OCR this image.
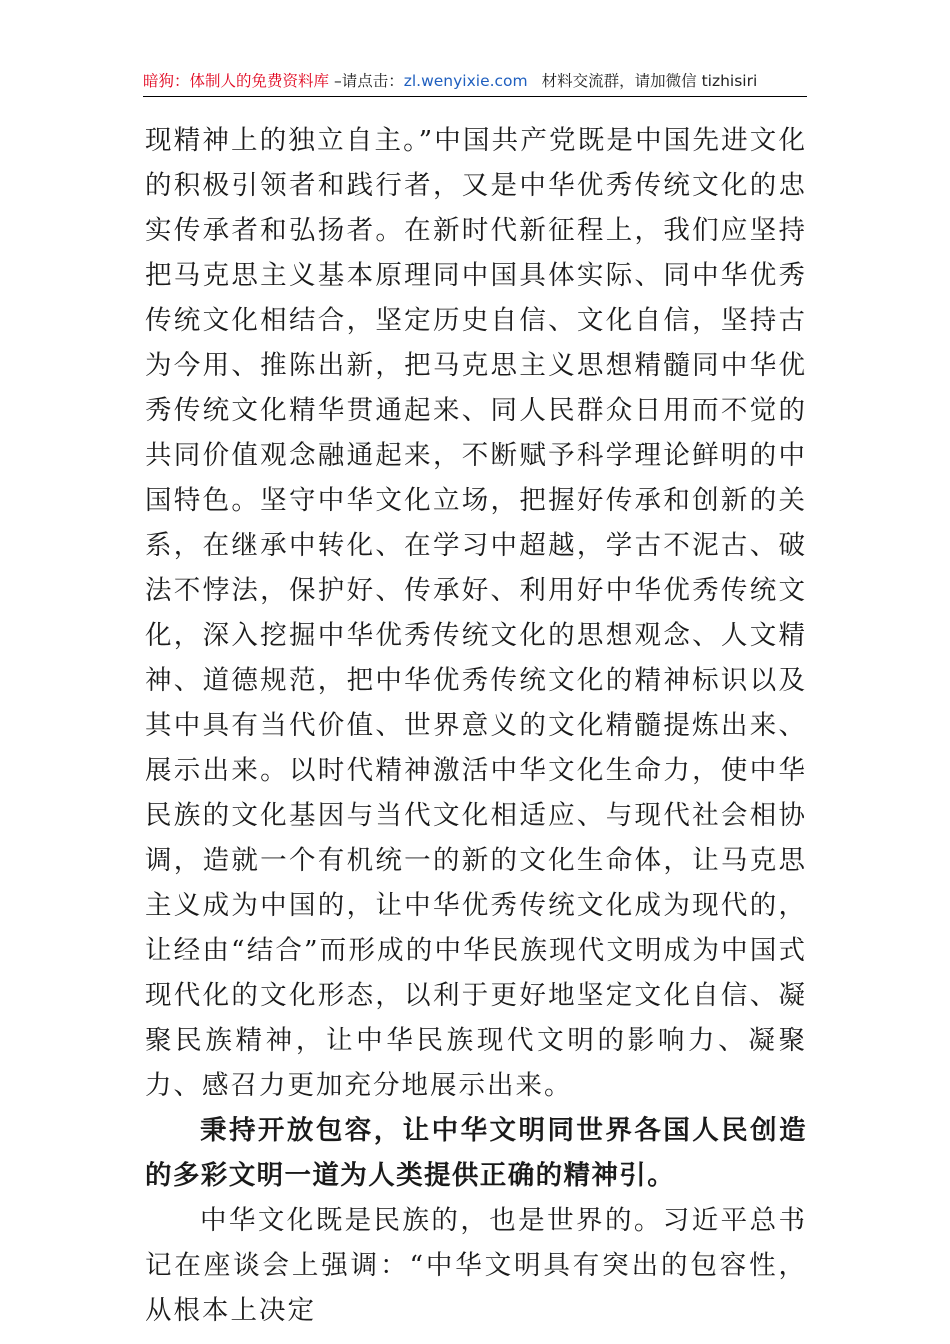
暗狗：体制人的免费资料库 –请点击：zl.wenyixie.com 材料交流群，请加微信 tizhisiri

现精神上的独立自主。”中国共产党既是中国先进文化的积极引领者和践行者，又是中华优秀传统文化的忠实传承者和弘扬者。在新时代新征程上，我们应坚持把马克思主义基本原理同中国具体实际、同中华优秀传统文化相结合，坚定历史自信、文化自信，坚持古为今用、推陈出新，把马克思主义思想精髓同中华优秀传统文化精华贯通起来、同人民群众日用而不觉的共同价值观念融通起来，不断赋予科学理论鲜明的中国特色。坚守中华文化立场，把握好传承和创新的关系，在继承中转化、在学习中超越，学古不泥古、破法不悖法，保护好、传承好、利用好中华优秀传统文化，深入挖掘中华优秀传统文化的思想观念、人文精神、道德规范，把中华优秀传统文化的精神标识以及其中具有当代价值、世界意义的文化精髓提炼出来、展示出来。以时代精神激活中华文化生命力，使中华民族的文化基因与当代文化相适应、与现代社会相协调，造就一个有机统一的新的文化生命体，让马克思主义成为中国的，让中华优秀传统文化成为现代的，让经由“结合”而形成的中华民族现代文明成为中国式现代化的文化形态，以利于更好地坚定文化自信、凝聚民族精神，让中华民族现代文明的影响力、凝聚力、感召力更加充分地展示出来。

秉持开放包容，让中华文明同世界各国人民创造的多彩文明一道为人类提供正确的精神引。

中华文化既是民族的，也是世界的。习近平总书记在座谈会上强调：“中华文明具有突出的包容性，从根本上决定
